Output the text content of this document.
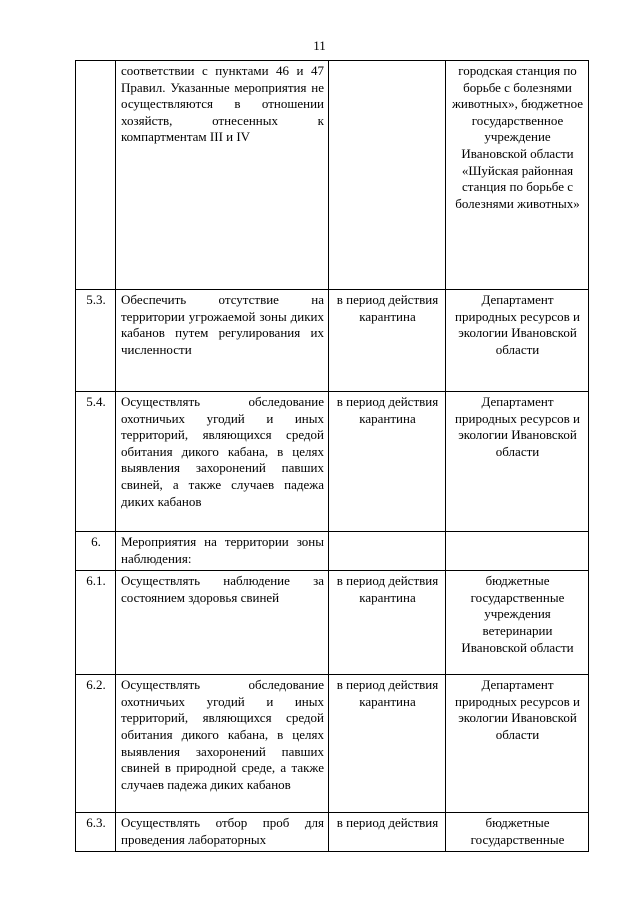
11
	соответствии с пунктами 46 и 47 Правил. Указанные мероприятия не осуществляются в отношении хозяйств, отнесенных к компартментам III и IV		городская станция по борьбе с болезнями животных», бюджетное государственное учреждение Ивановской области «Шуйская районная станция по борьбе с болезнями животных»
5.3.	Обеспечить отсутствие на территории угрожаемой зоны диких кабанов путем регулирования их численности	в период действия карантина	Департамент природных ресурсов и экологии Ивановской области
5.4.	Осуществлять обследование охотничьих угодий и иных территорий, являющихся средой обитания дикого кабана, в целях выявления захоронений павших свиней, а также случаев падежа диких кабанов	в период действия карантина	Департамент природных ресурсов и экологии Ивановской области
6.	Мероприятия на территории зоны наблюдения:		
6.1.	Осуществлять наблюдение за состоянием здоровья свиней	в период действия карантина	бюджетные государственные учреждения ветеринарии Ивановской области
6.2.	Осуществлять обследование охотничьих угодий и иных территорий, являющихся средой обитания дикого кабана, в целях выявления захоронений павших свиней в природной среде, а также случаев падежа диких кабанов	в период действия карантина	Департамент природных ресурсов и экологии Ивановской области
6.3.	Осуществлять отбор проб для проведения лабораторных	в период действия	бюджетные государственные
